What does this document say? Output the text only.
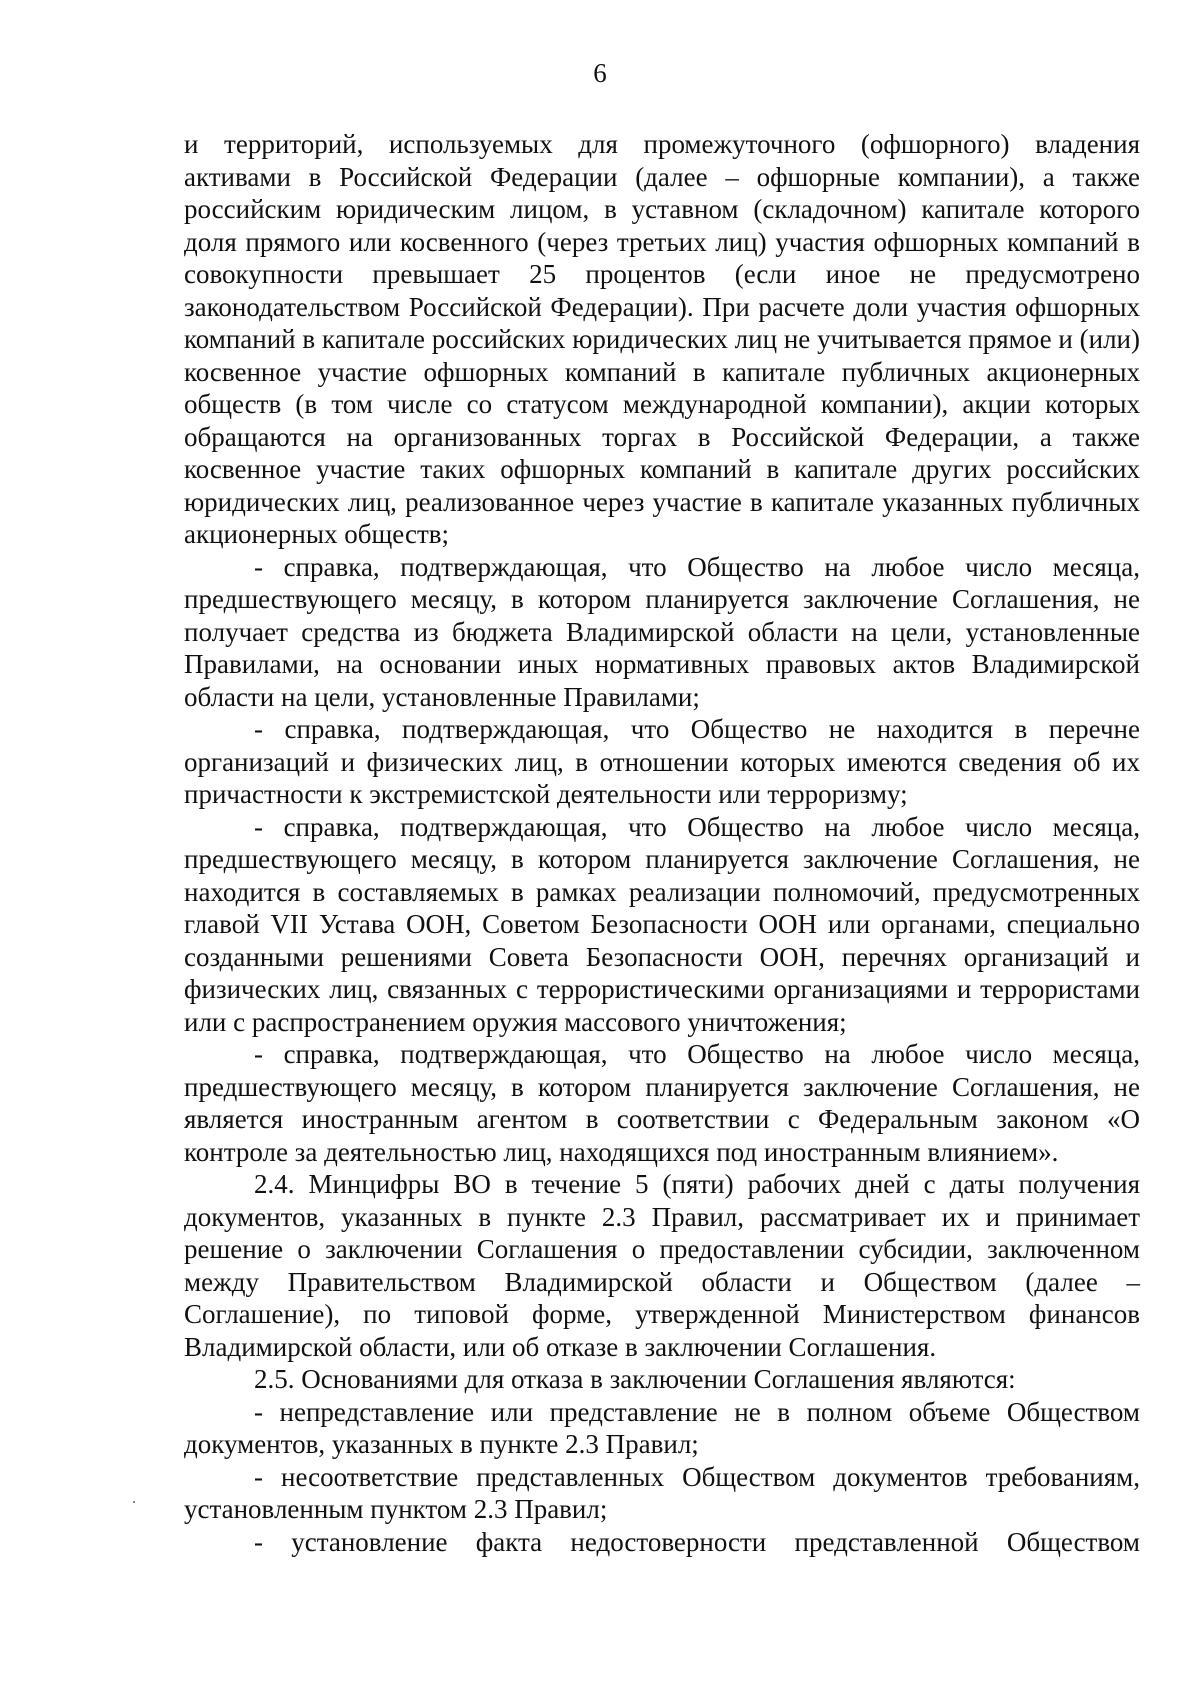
6

и территорий, используемых для промежуточного (офшорного) владения активами в Российской Федерации (далее – офшорные компании), а также российским юридическим лицом, в уставном (складочном) капитале которого доля прямого или косвенного (через третьих лиц) участия офшорных компаний в совокупности превышает 25 процентов (если иное не предусмотрено законодательством Российской Федерации). При расчете доли участия офшорных компаний в капитале российских юридических лиц не учитывается прямое и (или) косвенное участие офшорных компаний в капитале публичных акционерных обществ (в том числе со статусом международной компании), акции которых обращаются на организованных торгах в Российской Федерации, а также косвенное участие таких офшорных компаний в капитале других российских юридических лиц, реализованное через участие в капитале указанных публичных акционерных обществ;

- справка, подтверждающая, что Общество на любое число месяца, предшествующего месяцу, в котором планируется заключение Соглашения, не получает средства из бюджета Владимирской области на цели, установленные Правилами, на основании иных нормативных правовых актов Владимирской области на цели, установленные Правилами;

- справка, подтверждающая, что Общество не находится в перечне организаций и физических лиц, в отношении которых имеются сведения об их причастности к экстремистской деятельности или терроризму;

- справка, подтверждающая, что Общество на любое число месяца, предшествующего месяцу, в котором планируется заключение Соглашения, не находится в составляемых в рамках реализации полномочий, предусмотренных главой VII Устава ООН, Советом Безопасности ООН или органами, специально созданными решениями Совета Безопасности ООН, перечнях организаций и физических лиц, связанных с террористическими организациями и террористами или с распространением оружия массового уничтожения;

- справка, подтверждающая, что Общество на любое число месяца, предшествующего месяцу, в котором планируется заключение Соглашения, не является иностранным агентом в соответствии с Федеральным законом «О контроле за деятельностью лиц, находящихся под иностранным влиянием».

2.4. Минцифры ВО в течение 5 (пяти) рабочих дней с даты получения документов, указанных в пункте 2.3 Правил, рассматривает их и принимает решение о заключении Соглашения о предоставлении субсидии, заключенном между Правительством Владимирской области и Обществом (далее – Соглашение), по типовой форме, утвержденной Министерством финансов Владимирской области, или об отказе в заключении Соглашения.

2.5. Основаниями для отказа в заключении Соглашения являются:

- непредставление или представление не в полном объеме Обществом документов, указанных в пункте 2.3 Правил;

- несоответствие представленных Обществом документов требованиям, установленным пунктом 2.3 Правил;

- установление факта недостоверности представленной Обществом
